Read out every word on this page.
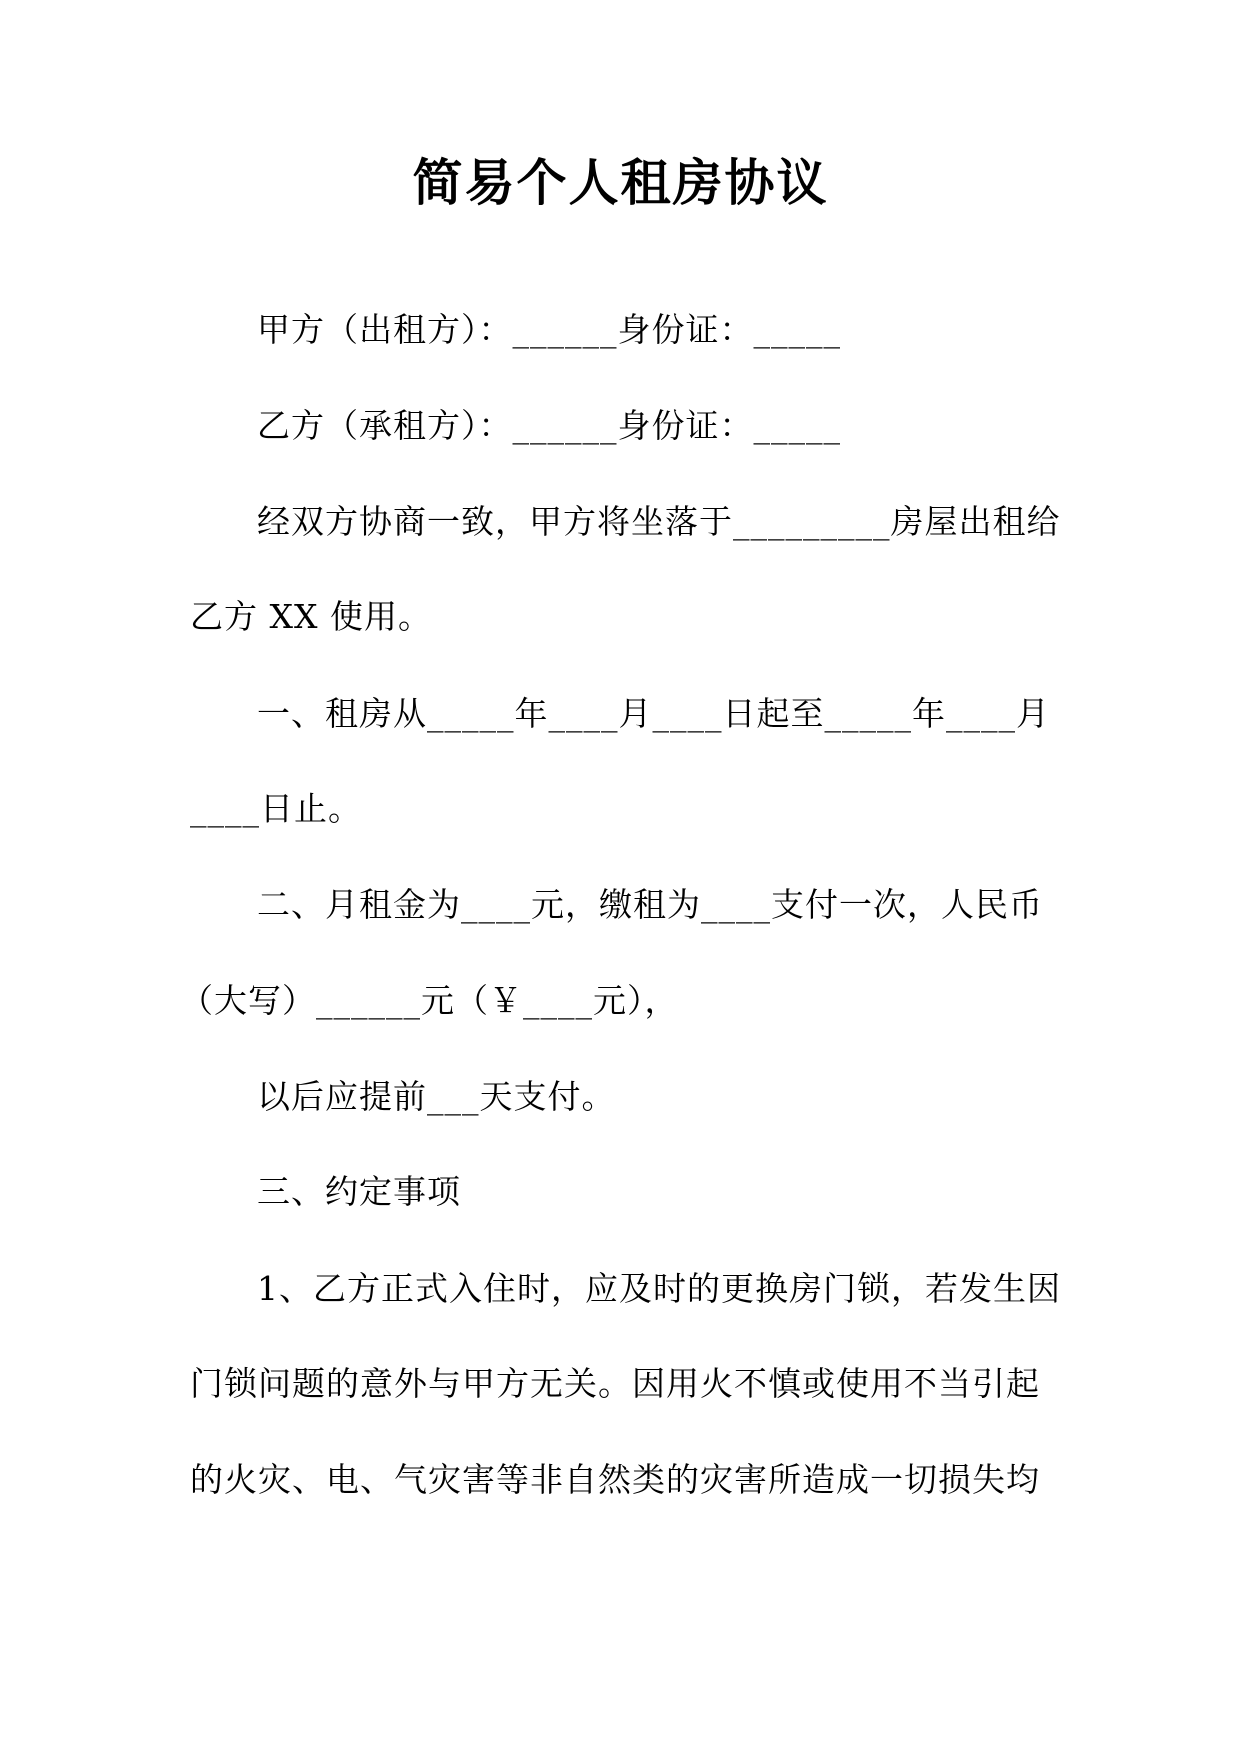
简易个人租房协议
甲方（出租方）：______身份证：_____
乙方（承租方）：______身份证：_____
经双方协商一致，甲方将坐落于_________房屋出租给
乙方 XX 使用。
一、租房从_____年____月____日起至_____年____月
____日止。
二、月租金为____元，缴租为____支付一次，人民币
（大写）______元（￥____元），
以后应提前___天支付。
三、约定事项
1、乙方正式入住时，应及时的更换房门锁，若发生因
门锁问题的意外与甲方无关。因用火不慎或使用不当引起
的火灾、电、气灾害等非自然类的灾害所造成一切损失均
